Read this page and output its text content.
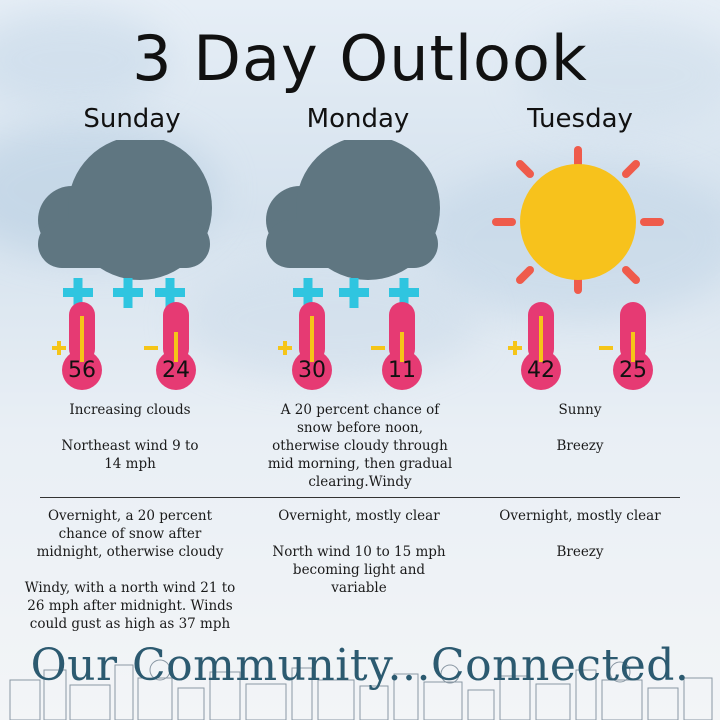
3 Day Outlook
Sunday	Monday	Tuesday
56	24	30	11	42	25

Increasing clouds

Northeast wind 9 to 14 mph

A 20 percent chance of snow before noon, otherwise cloudy through mid morning, then gradual clearing.Windy

Sunny

Breezy

Overnight, a 20 percent chance of snow after midnight, otherwise cloudy

Windy, with a north wind 21 to 26 mph after midnight. Winds could gust as high as 37 mph

Overnight, mostly clear

North wind 10 to 15 mph becoming light and variable

Overnight, mostly clear

Breezy

Our Community...Connected.
